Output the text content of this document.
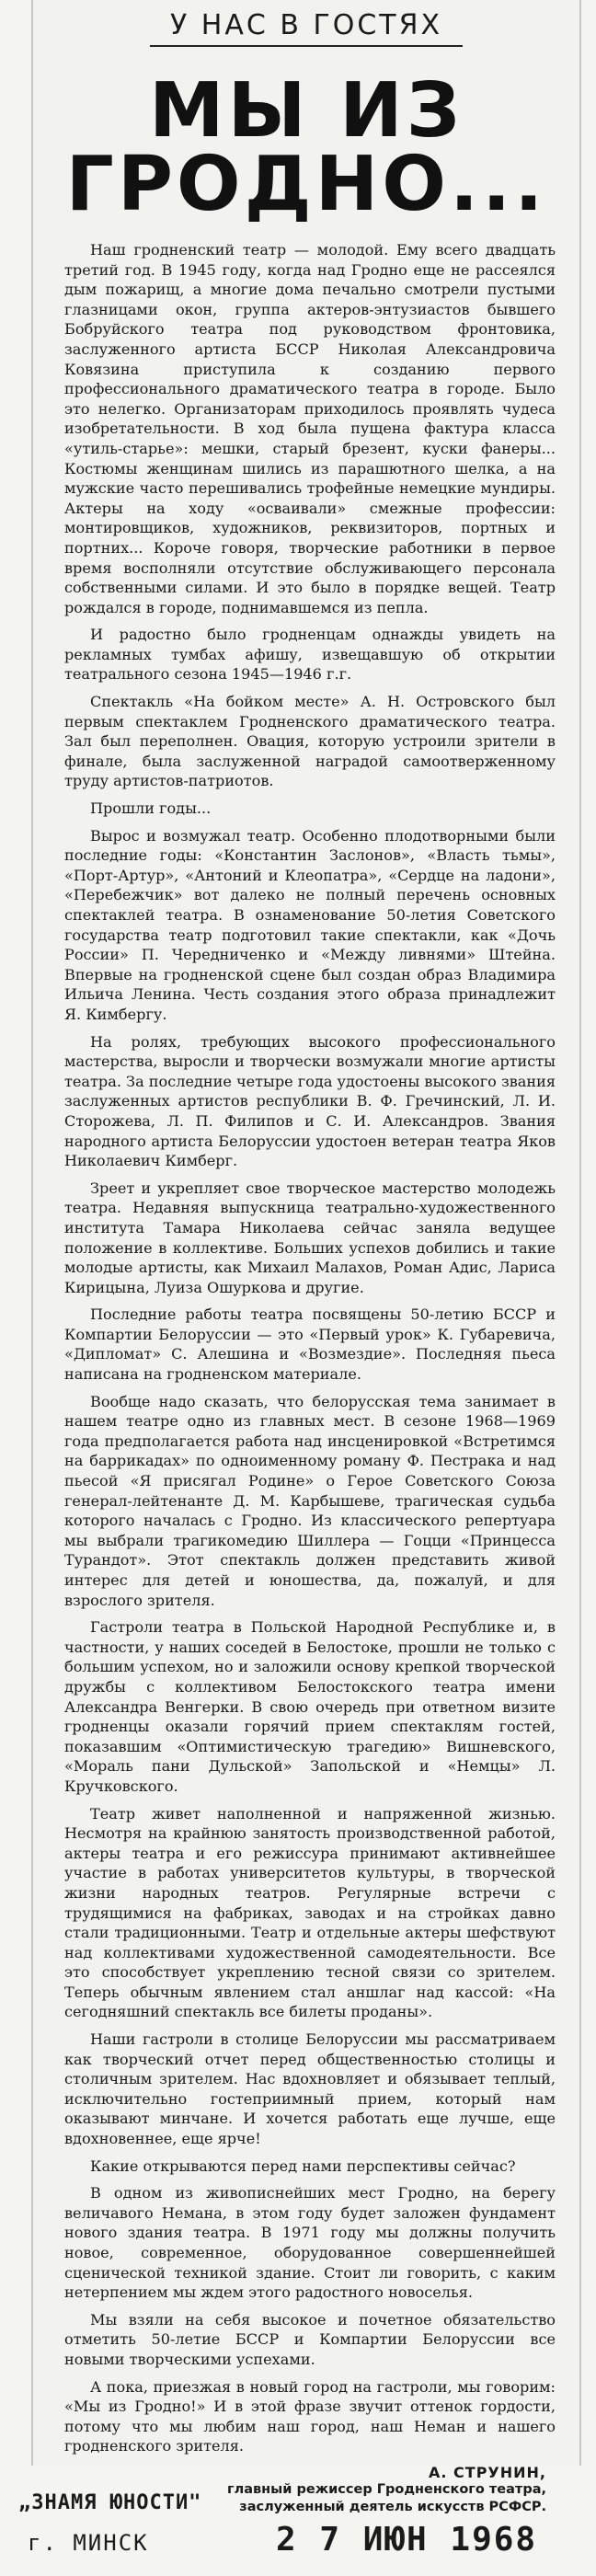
У НАС В ГОСТЯХ
МЫ ИЗ
ГРОДНО...

Наш гродненский театр — молодой. Ему всего двадцать третий год. В 1945 году, когда над Гродно еще не рассеялся дым пожарищ, а многие дома печально смотрели пустыми глазницами окон, группа актеров-энтузиастов бывшего Бобруйского театра под руководством фронтовика, заслуженного артиста БССР Николая Александровича Ковязина приступила к созданию первого профессионального драматического театра в городе. Было это нелегко. Организаторам приходилось проявлять чудеса изобретательности. В ход была пущена фактура класса «утиль-старье»: мешки, старый брезент, куски фанеры... Костюмы женщинам шились из парашютного шелка, а на мужские часто перешивались трофейные немецкие мундиры. Актеры на ходу «осваивали» смежные профессии: монтировщиков, художников, реквизиторов, портных и портних... Короче говоря, творческие работники в первое время восполняли отсутствие обслуживающего персонала собственными силами. И это было в порядке вещей. Театр рождался в городе, поднимавшемся из пепла.

И радостно было гродненцам однажды увидеть на рекламных тумбах афишу, извещавшую об открытии театрального сезона 1945—1946 г.г.

Спектакль «На бойком месте» А. Н. Островского был первым спектаклем Гродненского драматического театра. Зал был переполнен. Овация, которую устроили зрители в финале, была заслуженной наградой самоотверженному труду артистов-патриотов.

Прошли годы...

Вырос и возмужал театр. Особенно плодотворными были последние годы: «Константин Заслонов», «Власть тьмы», «Порт-Артур», «Антоний и Клеопатра», «Сердце на ладони», «Перебежчик» вот далеко не полный перечень основных спектаклей театра. В ознаменование 50-летия Советского государства театр подготовил такие спектакли, как «Дочь России» П. Чередниченко и «Между ливнями» Штейна. Впервые на гродненской сцене был создан образ Владимира Ильича Ленина. Честь создания этого образа принадлежит Я. Кимбергу.

На ролях, требующих высокого профессионального мастерства, выросли и творчески возмужали многие артисты театра. За последние четыре года удостоены высокого звания заслуженных артистов республики В. Ф. Гречинский, Л. И. Сторожева, Л. П. Филипов и С. И. Александров. Звания народного артиста Белоруссии удостоен ветеран театра Яков Николаевич Кимберг.

Зреет и укрепляет свое творческое мастерство молодежь театра. Недавняя выпускница театрально-художественного института Тамара Николаева сейчас заняла ведущее положение в коллективе. Больших успехов добились и такие молодые артисты, как Михаил Малахов, Роман Адис, Лариса Кирицына, Луиза Ошуркова и другие.

Последние работы театра посвящены 50-летию БССР и Компартии Белоруссии — это «Первый урок» К. Губаревича, «Дипломат» С. Алешина и «Возмездие». Последняя пьеса написана на гродненском материале.

Вообще надо сказать, что белорусская тема занимает в нашем театре одно из главных мест. В сезоне 1968—1969 года предполагается работа над инсценировкой «Встретимся на баррикадах» по одноименному роману Ф. Пестрака и над пьесой «Я присягал Родине» о Герое Советского Союза генерал-лейтенанте Д. М. Карбышеве, трагическая судьба которого началась с Гродно. Из классического репертуара мы выбрали трагикомедию Шиллера — Гоцци «Принцесса Турандот». Этот спектакль должен представить живой интерес для детей и юношества, да, пожалуй, и для взрослого зрителя.

Гастроли театра в Польской Народной Республике и, в частности, у наших соседей в Белостоке, прошли не только с большим успехом, но и заложили основу крепкой творческой дружбы с коллективом Белостокского театра имени Александра Венгерки. В свою очередь при ответном визите гродненцы оказали горячий прием спектаклям гостей, показавшим «Оптимистическую трагедию» Вишневского, «Мораль пани Дульской» Запольской и «Немцы» Л. Кручковского.

Театр живет наполненной и напряженной жизнью. Несмотря на крайнюю занятость производственной работой, актеры театра и его режиссура принимают активнейшее участие в работах университетов культуры, в творческой жизни народных театров. Регулярные встречи с трудящимися на фабриках, заводах и на стройках давно стали традиционными. Театр и отдельные актеры шефствуют над коллективами художественной самодеятельности. Все это способствует укреплению тесной связи со зрителем. Теперь обычным явлением стал аншлаг над кассой: «На сегодняшний спектакль все билеты проданы».

Наши гастроли в столице Белоруссии мы рассматриваем как творческий отчет перед общественностью столицы и столичным зрителем. Нас вдохновляет и обязывает теплый, исключительно гостеприимный прием, который нам оказывают минчане. И хочется работать еще лучше, еще вдохновеннее, еще ярче!

Какие открываются перед нами перспективы сейчас?

В одном из живописнейших мест Гродно, на берегу величавого Немана, в этом году будет заложен фундамент нового здания театра. В 1971 году мы должны получить новое, современное, оборудованное совершеннейшей сценической техникой здание. Стоит ли говорить, с каким нетерпением мы ждем этого радостного новоселья.

Мы взяли на себя высокое и почетное обязательство отметить 50-летие БССР и Компартии Белоруссии все новыми творческими успехами.

А пока, приезжая в новый город на гастроли, мы говорим: «Мы из Гродно!» И в этой фразе звучит оттенок гордости, потому что мы любим наш город, наш Неман и нашего гродненского зрителя.

А. СТРУНИН,
главный режиссер Гродненского театра,
заслуженный деятель искусств РСФСР.
„ЗНАМЯ ЮНОСТИ"
г. МИНСК	2 7 ИЮН 1968
